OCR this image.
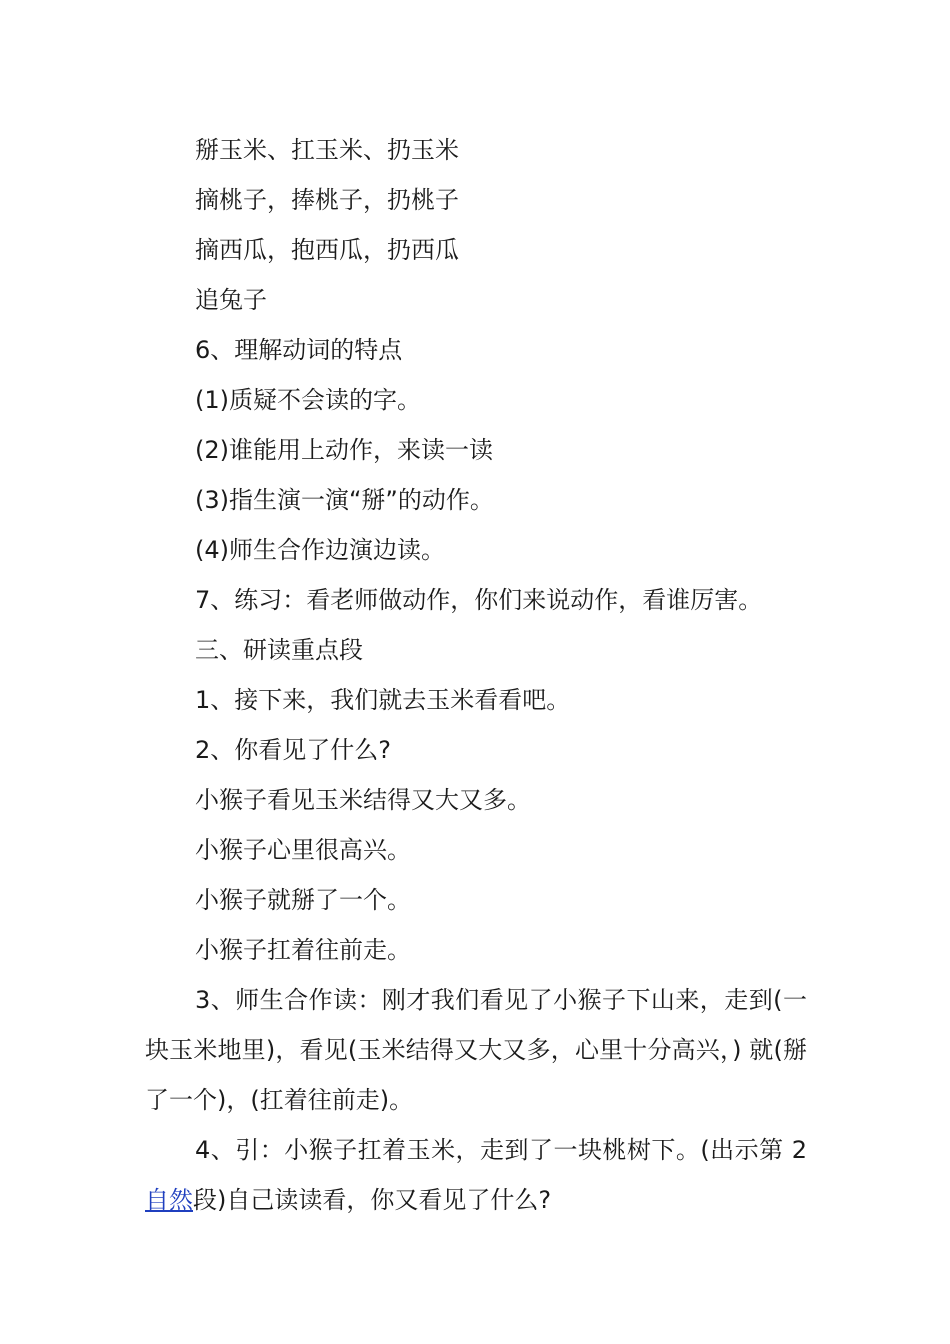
掰玉米、扛玉米、扔玉米
摘桃子，捧桃子，扔桃子
摘西瓜，抱西瓜，扔西瓜
追兔子
6、理解动词的特点
(1)质疑不会读的字。
(2)谁能用上动作，来读一读
(3)指生演一演“掰”的动作。
(4)师生合作边演边读。
7、练习：看老师做动作，你们来说动作，看谁厉害。
三、研读重点段
1、接下来，我们就去玉米看看吧。
2、你看见了什么?
小猴子看见玉米结得又大又多。
小猴子心里很高兴。
小猴子就掰了一个。
小猴子扛着往前走。

3、师生合作读：刚才我们看见了小猴子下山来，走到(一块玉米地里)，看见(玉米结得又大又多，心里十分高兴，) 就(掰了一个)，(扛着往前走)。

4、引：小猴子扛着玉米，走到了一块桃树下。(出示第 2 自然段)自己读读看，你又看见了什么?
